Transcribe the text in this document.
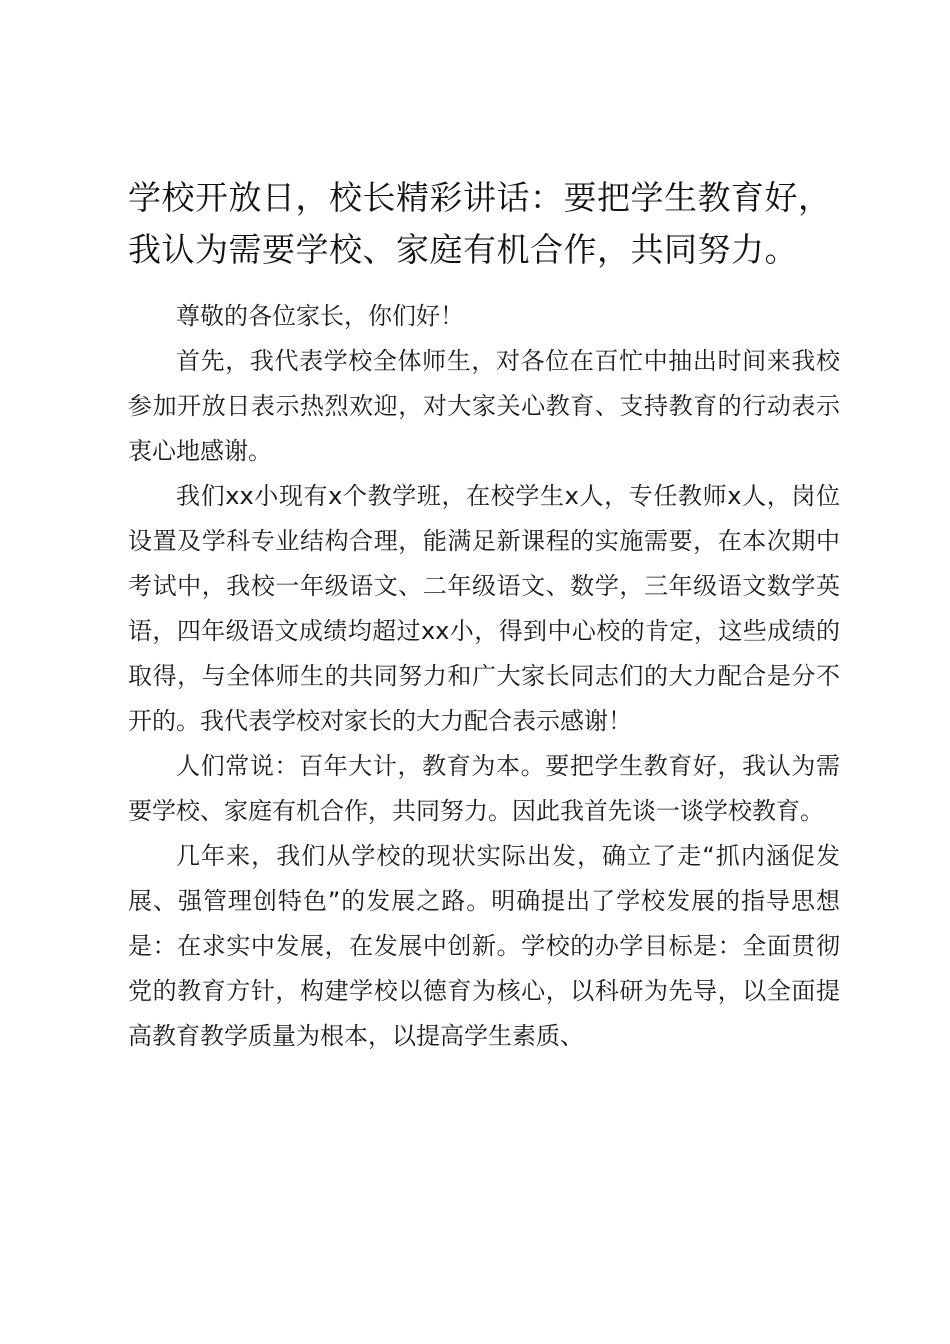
学校开放日，校长精彩讲话：要把学生教育好，我认为需要学校、家庭有机合作，共同努力。

尊敬的各位家长，你们好！

首先，我代表学校全体师生，对各位在百忙中抽出时间来我校参加开放日表示热烈欢迎，对大家关心教育、支持教育的行动表示衷心地感谢。

我们xx小现有x个教学班，在校学生x人，专任教师x人，岗位设置及学科专业结构合理，能满足新课程的实施需要，在本次期中考试中，我校一年级语文、二年级语文、数学，三年级语文数学英语，四年级语文成绩均超过xx小，得到中心校的肯定，这些成绩的取得，与全体师生的共同努力和广大家长同志们的大力配合是分不开的。我代表学校对家长的大力配合表示感谢！

人们常说：百年大计，教育为本。要把学生教育好，我认为需要学校、家庭有机合作，共同努力。因此我首先谈一谈学校教育。

几年来，我们从学校的现状实际出发，确立了走“抓内涵促发展、强管理创特色”的发展之路。明确提出了学校发展的指导思想是：在求实中发展，在发展中创新。学校的办学目标是：全面贯彻党的教育方针，构建学校以德育为核心，以科研为先导，以全面提高教育教学质量为根本，以提高学生素质、
